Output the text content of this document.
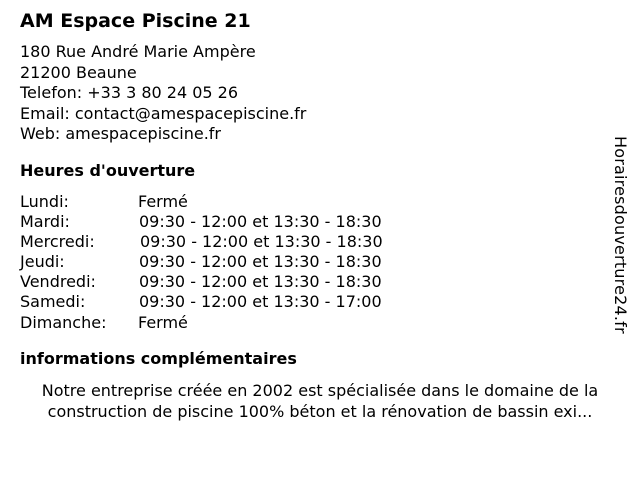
AM Espace Piscine 21
180 Rue André Marie Ampère
21200 Beaune
Telefon: +33 3 80 24 05 26
Email: contact@amespacepiscine.fr
Web: amespacepiscine.fr
Heures d'ouverture
Lundi:	Fermé
Mardi:	09:30 - 12:00 et 13:30 - 18:30
Mercredi:	09:30 - 12:00 et 13:30 - 18:30
Jeudi:	09:30 - 12:00 et 13:30 - 18:30
Vendredi:	09:30 - 12:00 et 13:30 - 18:30
Samedi:	09:30 - 12:00 et 13:30 - 17:00
Dimanche: Fermé
informations complémentaires
Notre entreprise créée en 2002 est spécialisée dans le domaine de la
construction de piscine 100% béton et la rénovation de bassin exi...
Horairesdouverture24.fr
